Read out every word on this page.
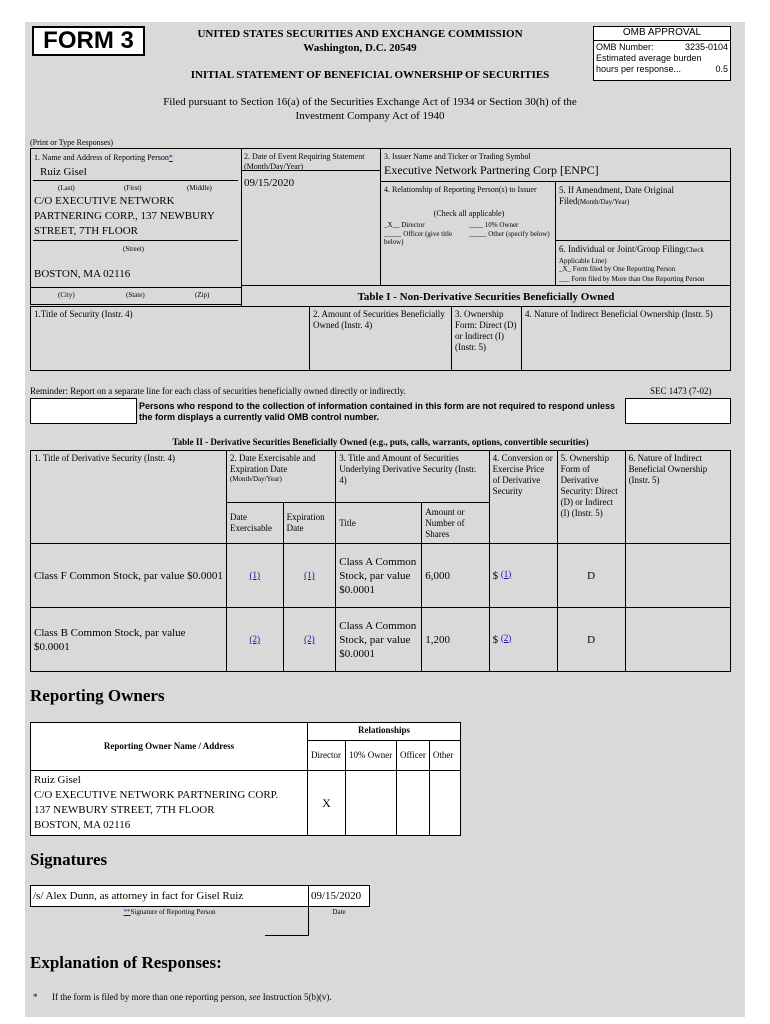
FORM 3	UNITED STATES SECURITIES AND EXCHANGE COMMISSION
Washington, D.C. 20549
INITIAL STATEMENT OF BENEFICIAL OWNERSHIP OF SECURITIES
OMB APPROVAL
OMB Number:	3235-0104
Estimated average burden
hours per response...	0.5
Filed pursuant to Section 16(a) of the Securities Exchange Act of 1934 or Section 30(h) of the Investment Company Act of 1940
(Print or Type Responses)
1. Name and Address of Reporting Person*
Ruiz Gisel
(Last)	(First)	(Middle)
C/O EXECUTIVE NETWORK PARTNERING CORP., 137 NEWBURY STREET, 7TH FLOOR
(Street)
BOSTON, MA 02116
(City)	(State)	(Zip)
2. Date of Event Requiring Statement (Month/Day/Year)
09/15/2020
3. Issuer Name and Ticker or Trading Symbol
Executive Network Partnering Corp [ENPC]
4. Relationship of Reporting Person(s) to Issuer
(Check all applicable)
_X__ Director	____ 10% Owner
_____ Officer (give title below)
_____ Other (specify below)
5. If Amendment, Date Original Filed(Month/Day/Year)
6. Individual or Joint/Group Filing(Check Applicable Line)
_X_ Form filed by One Reporting Person
___ Form filed by More than One Reporting Person
Table I - Non-Derivative Securities Beneficially Owned
1.Title of Security (Instr. 4)	2. Amount of Securities Beneficially Owned (Instr. 4)	3. Ownership Form: Direct (D) or Indirect (I) (Instr. 5)	4. Nature of Indirect Beneficial Ownership (Instr. 5)
Reminder: Report on a separate line for each class of securities beneficially owned directly or indirectly.	SEC 1473 (7-02)
Persons who respond to the collection of information contained in this form are not required to respond unless the form displays a currently valid OMB control number.
Table II - Derivative Securities Beneficially Owned (e.g., puts, calls, warrants, options, convertible securities)
1. Title of Derivative Security (Instr. 4)	2. Date Exercisable and Expiration Date
(Month/Day/Year)		3. Title and Amount of Securities Underlying Derivative Security (Instr. 4)		4. Conversion or Exercise Price of Derivative Security	5. Ownership Form of Derivative Security: Direct (D) or Indirect (I) (Instr. 5)	6. Nature of Indirect Beneficial Ownership (Instr. 5)
	Date Exercisable	Expiration Date	Title	Amount or Number of Shares			
Class F Common Stock, par value $0.0001	(1)	(1)	Class A Common Stock, par value $0.0001	6,000	$ $^{(1)}$	D	
Class B Common Stock, par value $0.0001	(2)	(2)	Class A Common Stock, par value $0.0001	1,200	$ $^{(2)}$	D	
Reporting Owners
Reporting Owner Name / Address	Relationships			
	Director	10% Owner	Officer	Other

Ruiz Gisel
C/O EXECUTIVE NETWORK PARTNERING CORP.
137 NEWBURY STREET, 7TH FLOOR
BOSTON, MA 02116	X			
Signatures
/s/ Alex Dunn, as attorney in fact for Gisel Ruiz
**Signature of Reporting Person
09/15/2020
Date
Explanation of Responses:
* If the form is filed by more than one reporting person, see Instruction 5(b)(v).
